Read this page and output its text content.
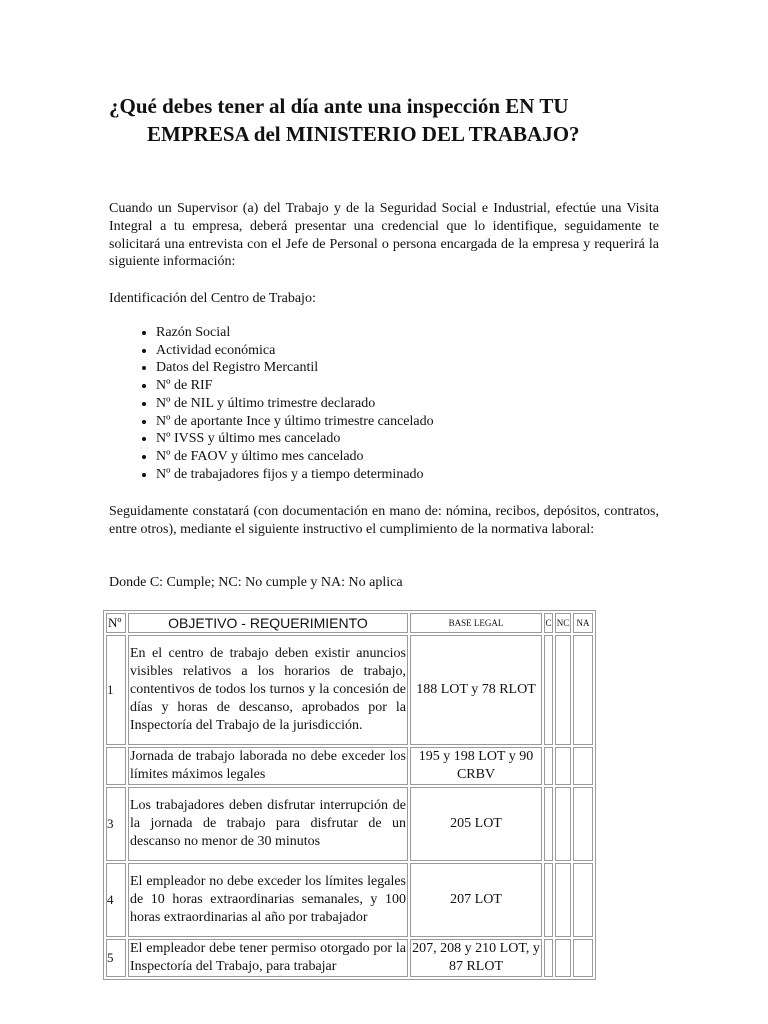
¿Qué debes tener al día ante una inspección EN TU
EMPRESA del MINISTERIO DEL TRABAJO?

Cuando un Supervisor (a) del Trabajo y de la Seguridad Social e Industrial, efectúe una Visita Integral a tu empresa, deberá presentar una credencial que lo identifique, seguidamente te solicitará una entrevista con el Jefe de Personal o persona encargada de la empresa y requerirá la siguiente información:

Identificación del Centro de Trabajo:

• Razón Social
• Actividad económica
• Datos del Registro Mercantil
• Nº de RIF
• Nº de NIL y último trimestre declarado
• Nº de aportante Ince y último trimestre cancelado
• Nº IVSS y último mes cancelado
• Nº de FAOV y último mes cancelado
• Nº de trabajadores fijos y a tiempo determinado

Seguidamente constatará (con documentación en mano de: nómina, recibos, depósitos, contratos, entre otros), mediante el siguiente instructivo el cumplimiento de la normativa laboral:

Donde C: Cumple; NC: No cumple y NA: No aplica

Nº	OBJETIVO - REQUERIMIENTO	BASE LEGAL	C	NC	NA
1	En el centro de trabajo deben existir anuncios visibles relativos a los horarios de trabajo, contentivos de todos los turnos y la concesión de días y horas de descanso, aprobados por la Inspectoría del Trabajo de la jurisdicción.	188 LOT y 78 RLOT			
	Jornada de trabajo laborada no debe exceder los límites máximos legales	195 y 198 LOT y 90 CRBV			
3	Los trabajadores deben disfrutar interrupción de la jornada de trabajo para disfrutar de un descanso no menor de 30 minutos	205 LOT			
4	El empleador no debe exceder los límites legales de 10 horas extraordinarias semanales, y 100 horas extraordinarias al año por trabajador	207 LOT			
5	El empleador debe tener permiso otorgado por la Inspectoría del Trabajo, para trabajar	207, 208 y 210 LOT, y 87 RLOT			
